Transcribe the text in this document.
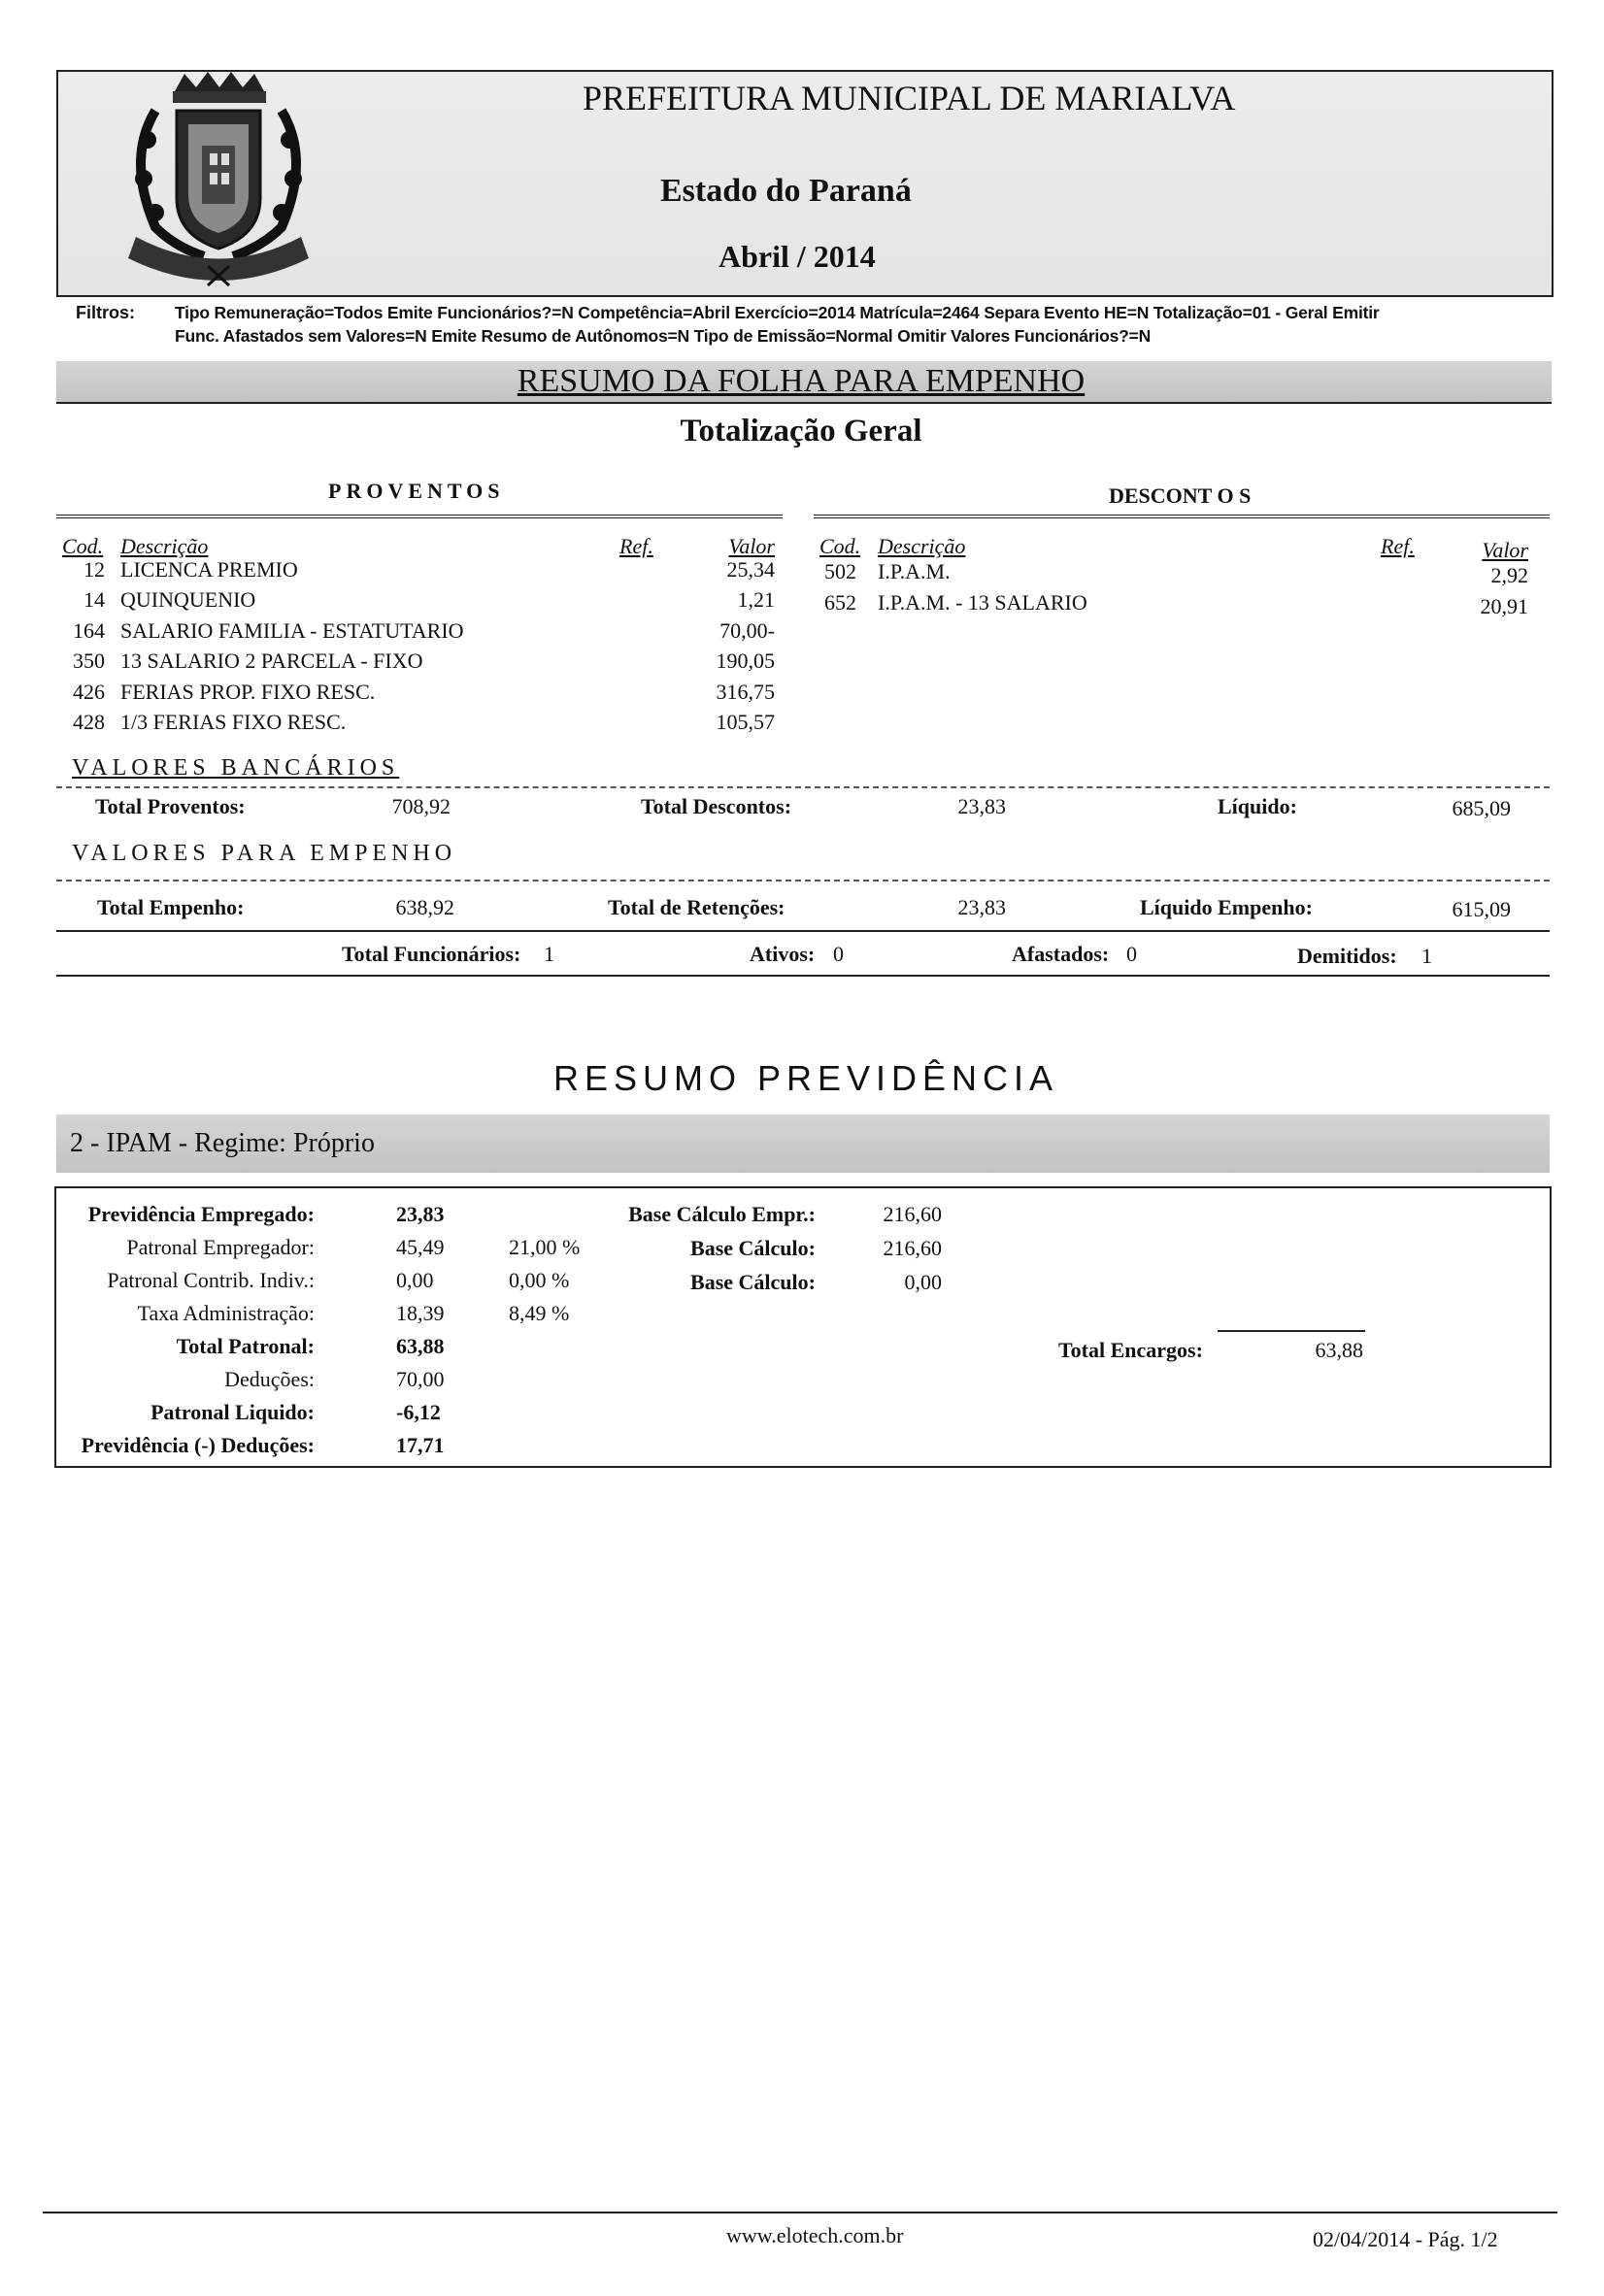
PREFEITURA MUNICIPAL DE MARIALVA
Estado do Paraná
Abril / 2014
Filtros: Tipo Remuneração=Todos Emite Funcionários?=N Competência=Abril Exercício=2014 Matrícula=2464 Separa Evento HE=N Totalização=01 - Geral Emitir
Func. Afastados sem Valores=N Emite Resumo de Autônomos=N Tipo de Emissão=Normal Omitir Valores Funcionários?=N
RESUMO DA FOLHA PARA EMPENHO
Totalização Geral
PROVENTOS	DESCONT O S
Cod. Descrição	Ref.	Valor
12 LICENCA PREMIO	25,34
14 QUINQUENIO	1,21
164 SALARIO FAMILIA - ESTATUTARIO	70,00-
350 13 SALARIO 2 PARCELA - FIXO	190,05
426 FERIAS PROP. FIXO RESC.	316,75
428 1/3 FERIAS FIXO RESC.	105,57
Cod. Descrição	Ref.	Valor
502 I.P.A.M.	2,92
652 I.P.A.M. - 13 SALARIO	20,91
VALORES BANCÁRIOS
Total Proventos:	708,92	Total Descontos:	23,83	Líquido:	685,09
VALORES PARA EMPENHO
Total Empenho:	638,92	Total de Retenções:	23,83	Líquido Empenho:	615,09
Total Funcionários: 1	Ativos: 0	Afastados: 0	Demitidos: 1
RESUMO PREVIDÊNCIA
2 - IPAM - Regime: Próprio
Previdência Empregado:	23,83
Patronal Empregador:	45,49	21,00 %
Patronal Contrib. Indiv.:	0,00	0,00 %
Taxa Administração:	18,39	8,49 %
Total Patronal:	63,88
Deduções:	70,00
Patronal Liquido:	-6,12
Previdência (-) Deduções:	17,71
Base Cálculo Empr.:	216,60
Base Cálculo:	216,60
Base Cálculo:	0,00
Total Encargos:	63,88
www.elotech.com.br	02/04/2014 - Pág. 1/2
